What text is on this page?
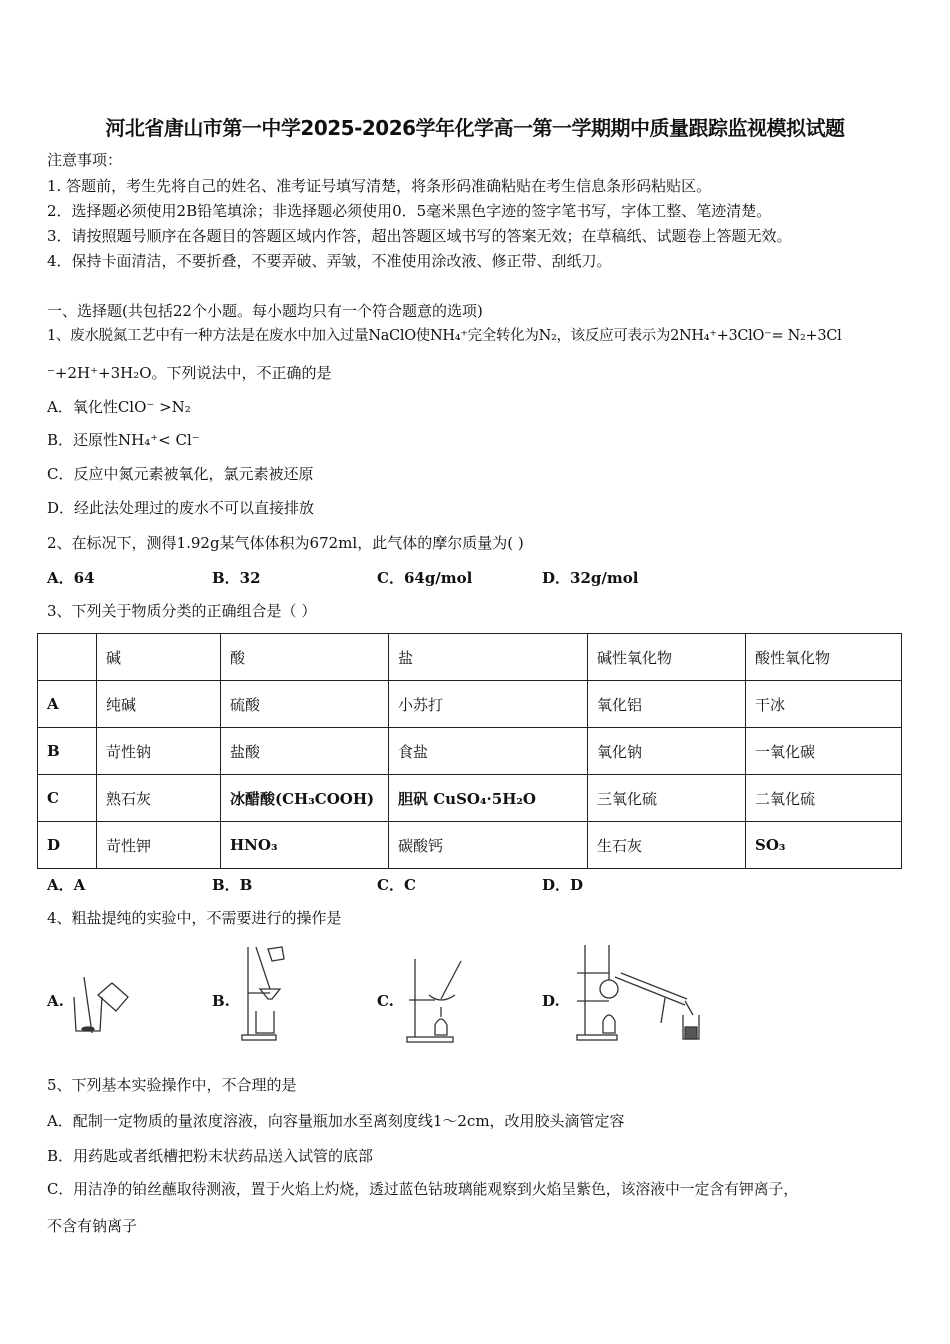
河北省唐山市第一中学2025-2026学年化学高一第一学期期中质量跟踪监视模拟试题
注意事项：
1. 答题前，考生先将自己的姓名、准考证号填写清楚，将条形码准确粘贴在考生信息条形码粘贴区。
2．选择题必须使用2B铅笔填涂；非选择题必须使用0．5毫米黑色字迹的签字笔书写，字体工整、笔迹清楚。
3．请按照题号顺序在各题目的答题区域内作答，超出答题区域书写的答案无效；在草稿纸、试题卷上答题无效。
4．保持卡面清洁，不要折叠，不要弄破、弄皱，不准使用涂改液、修正带、刮纸刀。
一、选择题(共包括22个小题。每小题均只有一个符合题意的选项)
1、废水脱氮工艺中有一种方法是在废水中加入过量NaClO使NH₄⁺完全转化为N₂，该反应可表示为2NH₄⁺+3ClO⁻= N₂+3Cl
⁻+2H⁺+3H₂O。下列说法中，不正确的是
A．氧化性ClO⁻ >N₂
B．还原性NH₄⁺< Cl⁻
C．反应中氮元素被氧化，氯元素被还原
D．经此法处理过的废水不可以直接排放
2、在标况下，测得1.92g某气体体积为672ml，此气体的摩尔质量为( )
A．64	B．32	C．64g/mol	D．32g/mol
3、下列关于物质分类的正确组合是（ ）
	碱	酸	盐	碱性氧化物	酸性氧化物
A	纯碱	硫酸	小苏打	氧化铝	干冰
B	苛性钠	盐酸	食盐	氧化钠	一氧化碳
C	熟石灰	冰醋酸(CH₃COOH)	胆矾 CuSO₄·5H₂O	三氧化硫	二氧化硫
D	苛性钾	HNO₃	碳酸钙	生石灰	SO₃
A．A	B．B	C．C	D．D
4、粗盐提纯的实验中，不需要进行的操作是
A.	B.	C.	D.
5、下列基本实验操作中，不合理的是
A．配制一定物质的量浓度溶液，向容量瓶加水至离刻度线1～2cm，改用胶头滴管定容
B．用药匙或者纸槽把粉末状药品送入试管的底部
C．用洁净的铂丝蘸取待测液，置于火焰上灼烧，透过蓝色钴玻璃能观察到火焰呈紫色，该溶液中一定含有钾离子，
不含有钠离子
